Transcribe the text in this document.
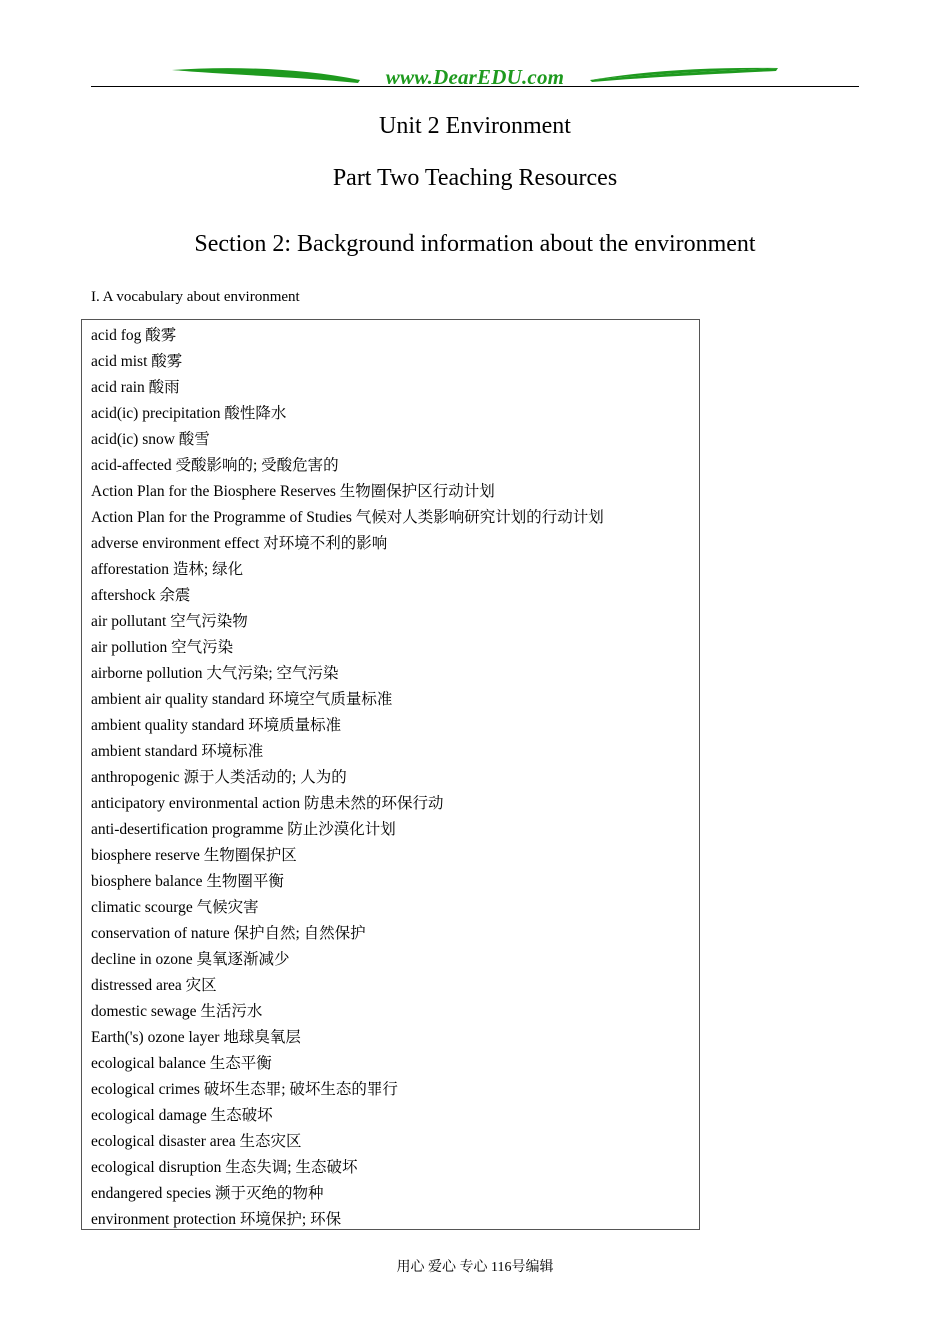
www.DearEDU.com
Unit 2 Environment
Part Two Teaching Resources
Section 2: Background information about the environment
I. A vocabulary about environment
acid fog 酸雾
acid mist 酸雾
acid rain 酸雨
acid(ic) precipitation 酸性降水
acid(ic) snow 酸雪
acid-affected 受酸影响的; 受酸危害的
Action Plan for the Biosphere Reserves 生物圈保护区行动计划
Action Plan for the Programme of Studies 气候对人类影响研究计划的行动计划
adverse environment effect 对环境不利的影响
afforestation 造林; 绿化
aftershock 余震
air pollutant 空气污染物
air pollution 空气污染
airborne pollution 大气污染; 空气污染
ambient air quality standard 环境空气质量标准
ambient quality standard 环境质量标准
ambient standard 环境标准
anthropogenic 源于人类活动的; 人为的
anticipatory environmental action 防患未然的环保行动
anti-desertification programme 防止沙漠化计划
biosphere reserve 生物圈保护区
biosphere balance 生物圈平衡
climatic scourge 气候灾害
conservation of nature 保护自然; 自然保护
decline in ozone 臭氧逐渐减少
distressed area 灾区
domestic sewage 生活污水
Earth('s) ozone layer 地球臭氧层
ecological balance 生态平衡
ecological crimes 破坏生态罪; 破坏生态的罪行
ecological damage 生态破坏
ecological disaster area 生态灾区
ecological disruption 生态失调; 生态破坏
endangered species 濒于灭绝的物种
environment protection 环境保护; 环保
用心 爱心 专心 116号编辑
